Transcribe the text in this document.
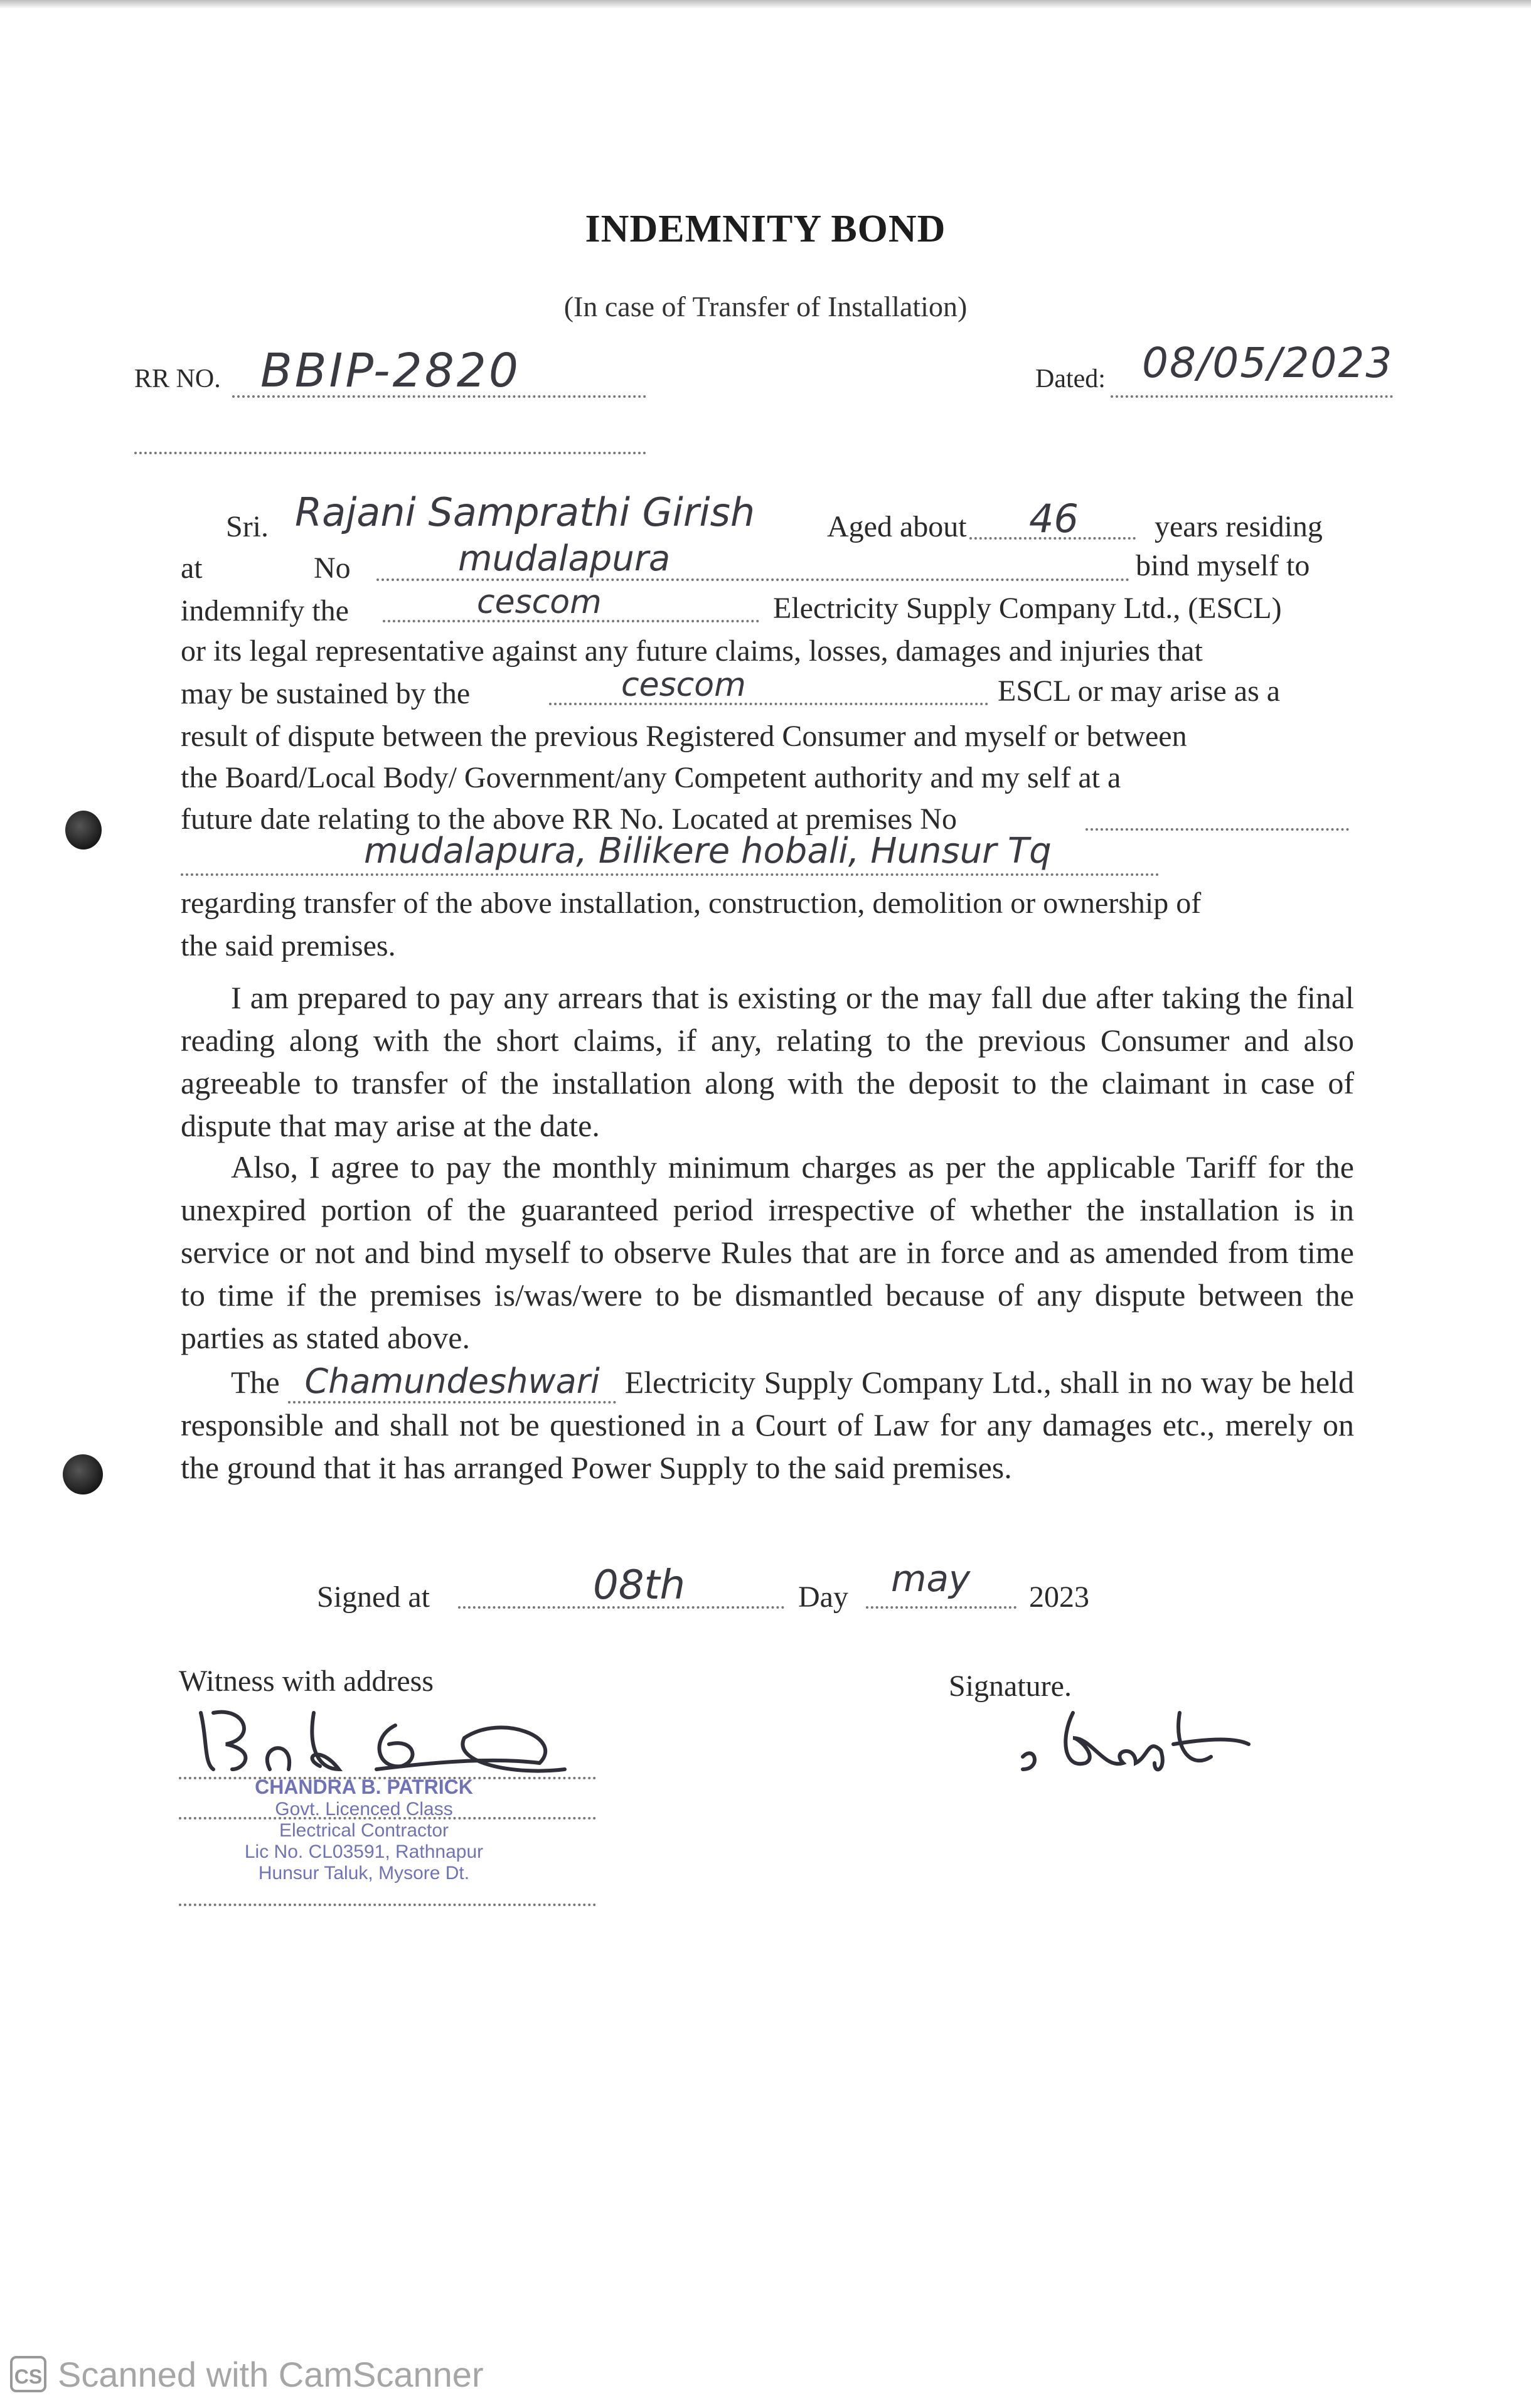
INDEMNITY BOND
(In case of Transfer of Installation)
RR NO. BBIP-2820	Dated: 08/05/2023
Sri. Rajani Samprathi Girish Aged about 46	years residing
at	No	mudalapura	bind myself to
indemnify the	cescom	Electricity Supply Company Ltd., (ESCL)
or its legal representative against any future claims, losses, damages and injuries that
may be sustained by the	cescom	ESCL or may arise as a
result of dispute between the previous Registered Consumer and myself or between
the Board/Local Body/ Government/any Competent authority and my self at a
future date relating to the above RR No. Located at premises No
mudalapura, Bilikere hobali, Hunsur Tq
regarding transfer of the above installation, construction, demolition or ownership of
the said premises.
I am prepared to pay any arrears that is existing or the may fall due after taking the final reading along with the short claims, if any, relating to the previous Consumer and also agreeable to transfer of the installation along with the deposit to the claimant in case of dispute that may arise at the date.
Also, I agree to pay the monthly minimum charges as per the applicable Tariff for the unexpired portion of the guaranteed period irrespective of whether the installation is in service or not and bind myself to observe Rules that are in force and as amended from time to time if the premises is/was/were to be dismantled because of any dispute between the parties as stated above.
The Chamundeshwari Electricity Supply Company Ltd., shall in no way be held responsible and shall not be questioned in a Court of Law for any damages etc., merely on the ground that it has arranged Power Supply to the said premises.
Signed at	08th	Day may 2023
Witness with address
CHANDRA B. PATRICK
Govt. Licenced Class
Electrical Contractor
Lic No. CL03591, Rathnapur
Hunsur Taluk, Mysore Dt.
Signature.
CS Scanned with CamScanner
